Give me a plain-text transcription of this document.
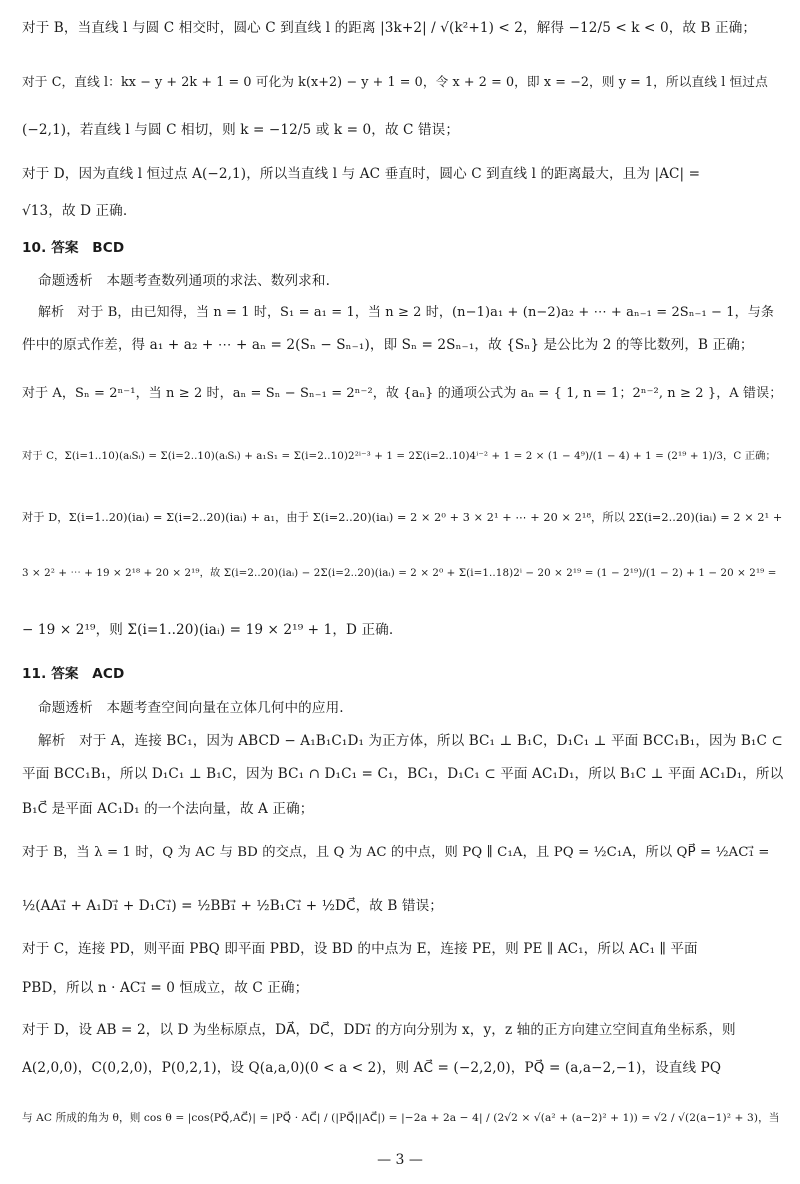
对于 B，当直线 l 与圆 C 相交时，圆心 C 到直线 l 的距离 |3k+2| / √(k²+1) < 2，解得 −12/5 < k < 0，故 B 正确；
对于 C，直线 l：kx − y + 2k + 1 = 0 可化为 k(x+2) − y + 1 = 0，令 x + 2 = 0，即 x = −2，则 y = 1，所以直线 l 恒过点
(−2,1)，若直线 l 与圆 C 相切，则 k = −12/5 或 k = 0，故 C 错误；
对于 D，因为直线 l 恒过点 A(−2,1)，所以当直线 l 与 AC 垂直时，圆心 C 到直线 l 的距离最大，且为 |AC| =
√13，故 D 正确.
10. 答案　BCD
命题透析　本题考查数列通项的求法、数列求和.
解析　对于 B，由已知得，当 n = 1 时，S₁ = a₁ = 1，当 n ≥ 2 时，(n−1)a₁ + (n−2)a₂ + ⋯ + aₙ₋₁ = 2Sₙ₋₁ − 1，与条
件中的原式作差，得 a₁ + a₂ + ⋯ + aₙ = 2(Sₙ − Sₙ₋₁)，即 Sₙ = 2Sₙ₋₁，故 {Sₙ} 是公比为 2 的等比数列，B 正确；
对于 A，Sₙ = 2ⁿ⁻¹，当 n ≥ 2 时，aₙ = Sₙ − Sₙ₋₁ = 2ⁿ⁻²，故 {aₙ} 的通项公式为 aₙ = { 1, n = 1；2ⁿ⁻², n ≥ 2 }，A 错误；
对于 C，Σ(i=1..10)(aᵢSᵢ) = Σ(i=2..10)(aᵢSᵢ) + a₁S₁ = Σ(i=2..10)2²ⁱ⁻³ + 1 = 2Σ(i=2..10)4ⁱ⁻² + 1 = 2 × (1 − 4⁹)/(1 − 4) + 1 = (2¹⁹ + 1)/3，C 正确；
对于 D，Σ(i=1..20)(iaᵢ) = Σ(i=2..20)(iaᵢ) + a₁，由于 Σ(i=2..20)(iaᵢ) = 2 × 2⁰ + 3 × 2¹ + ⋯ + 20 × 2¹⁸，所以 2Σ(i=2..20)(iaᵢ) = 2 × 2¹ +
3 × 2² + ⋯ + 19 × 2¹⁸ + 20 × 2¹⁹，故 Σ(i=2..20)(iaᵢ) − 2Σ(i=2..20)(iaᵢ) = 2 × 2⁰ + Σ(i=1..18)2ⁱ − 20 × 2¹⁹ = (1 − 2¹⁹)/(1 − 2) + 1 − 20 × 2¹⁹ =
− 19 × 2¹⁹，则 Σ(i=1..20)(iaᵢ) = 19 × 2¹⁹ + 1，D 正确.
11. 答案　ACD
命题透析　本题考查空间向量在立体几何中的应用.
解析　对于 A，连接 BC₁，因为 ABCD − A₁B₁C₁D₁ 为正方体，所以 BC₁ ⊥ B₁C，D₁C₁ ⊥ 平面 BCC₁B₁，因为 B₁C ⊂
平面 BCC₁B₁，所以 D₁C₁ ⊥ B₁C，因为 BC₁ ∩ D₁C₁ = C₁，BC₁，D₁C₁ ⊂ 平面 AC₁D₁，所以 B₁C ⊥ 平面 AC₁D₁，所以
B₁C⃗ 是平面 AC₁D₁ 的一个法向量，故 A 正确；
对于 B，当 λ = 1 时，Q 为 AC 与 BD 的交点，且 Q 为 AC 的中点，则 PQ ∥ C₁A，且 PQ = ½C₁A，所以 QP⃗ = ½AC₁⃗ =
½(AA₁⃗ + A₁D₁⃗ + D₁C₁⃗) = ½BB₁⃗ + ½B₁C₁⃗ + ½DC⃗，故 B 错误；
对于 C，连接 PD，则平面 PBQ 即平面 PBD，设 BD 的中点为 E，连接 PE，则 PE ∥ AC₁，所以 AC₁ ∥ 平面
PBD，所以 n · AC₁⃗ = 0 恒成立，故 C 正确；
对于 D，设 AB = 2，以 D 为坐标原点，DA⃗，DC⃗，DD₁⃗ 的方向分别为 x，y，z 轴的正方向建立空间直角坐标系，则
A(2,0,0)，C(0,2,0)，P(0,2,1)，设 Q(a,a,0)(0 < a < 2)，则 AC⃗ = (−2,2,0)，PQ⃗ = (a,a−2,−1)，设直线 PQ
与 AC 所成的角为 θ，则 cos θ = |cos⟨PQ⃗,AC⃗⟩| = |PQ⃗ · AC⃗| / (|PQ⃗||AC⃗|) = |−2a + 2a − 4| / (2√2 × √(a² + (a−2)² + 1)) = √2 / √(2(a−1)² + 3)，当
— 3 —
